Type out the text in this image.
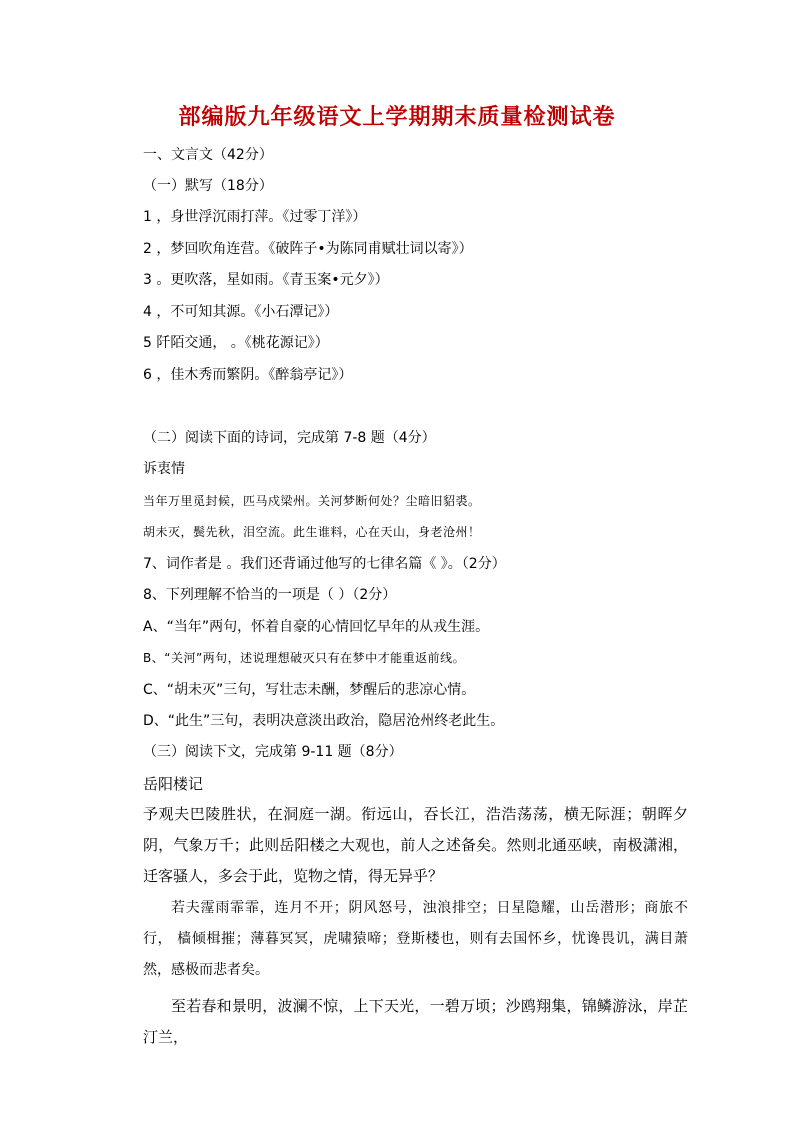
部编版九年级语文上学期期末质量检测试卷
一、文言文（42分）
（一）默写（18分）
1 ，身世浮沉雨打萍。《过零丁洋》）
2 ，梦回吹角连营。《破阵子•为陈同甫赋壮词以寄》）
3 。更吹落，星如雨。《青玉案•元夕》）
4 ，不可知其源。《小石潭记》）
5 阡陌交通， 。《桃花源记》）
6 ，佳木秀而繁阴。《醉翁亭记》）
（二）阅读下面的诗词，完成第 7-8 题（4分）
诉衷情
当年万里觅封候，匹马戍梁州。关河梦断何处？尘暗旧貂裘。
胡未灭，鬓先秋，泪空流。此生谁料，心在天山，身老沧州！
7、词作者是 。我们还背诵过他写的七律名篇《 》。（2分）
8、下列理解不恰当的一项是（ ）（2分）
A、“当年”两句，怀着自豪的心情回忆早年的从戎生涯。
B、“关河”两句，述说理想破灭只有在梦中才能重返前线。
C、“胡未灭”三句，写壮志未酬，梦醒后的悲凉心情。
D、“此生”三句，表明决意淡出政治，隐居沧州终老此生。
（三）阅读下文，完成第 9-11 题（8分）
岳阳楼记
予观夫巴陵胜状，在洞庭一湖。衔远山，吞长江，浩浩荡荡，横无际涯；朝晖夕阴，气象万千；此则岳阳楼之大观也，前人之述备矣。然则北通巫峡，南极潇湘，迁客骚人，多会于此，览物之情，得无异乎？
若夫霪雨霏霏，连月不开；阴风怒号，浊浪排空；日星隐耀，山岳潜形；商旅不行， 樯倾楫摧；薄暮冥冥，虎啸猿啼；登斯楼也，则有去国怀乡，忧谗畏讥，满目萧然，感极而悲者矣。
至若春和景明，波澜不惊，上下天光，一碧万顷；沙鸥翔集，锦鳞游泳，岸芷汀兰，
